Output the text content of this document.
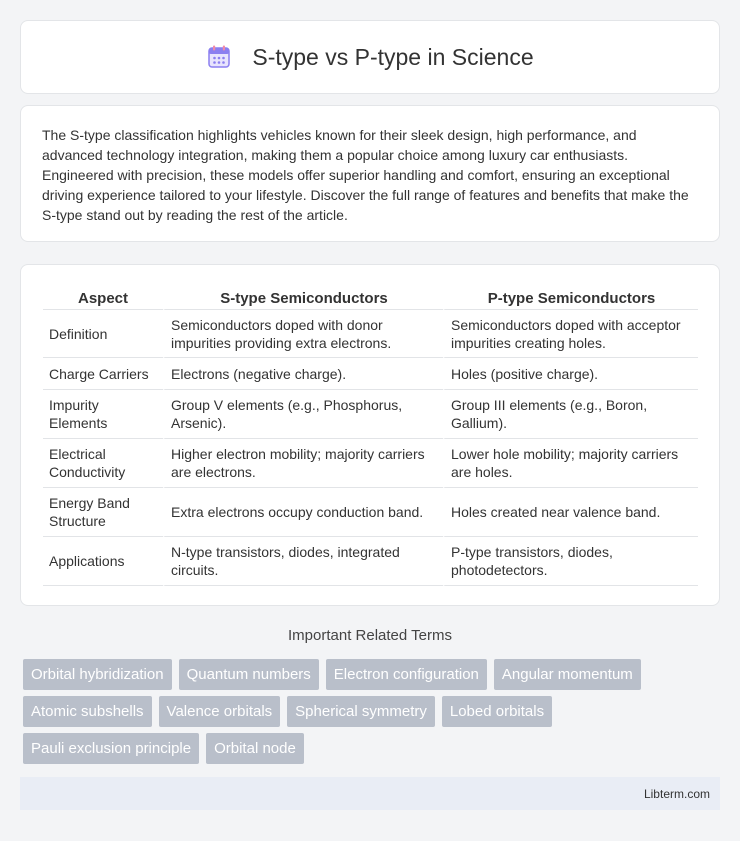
S-type vs P-type in Science

The S-type classification highlights vehicles known for their sleek design, high performance, and advanced technology integration, making them a popular choice among luxury car enthusiasts. Engineered with precision, these models offer superior handling and comfort, ensuring an exceptional driving experience tailored to your lifestyle. Discover the full range of features and benefits that make the S-type stand out by reading the rest of the article.

Aspect	S-type Semiconductors	P-type Semiconductors
Definition	Semiconductors doped with donor impurities providing extra electrons.	Semiconductors doped with acceptor impurities creating holes.
Charge Carriers	Electrons (negative charge).	Holes (positive charge).
Impurity Elements	Group V elements (e.g., Phosphorus, Arsenic).	Group III elements (e.g., Boron, Gallium).
Electrical Conductivity	Higher electron mobility; majority carriers are electrons.	Lower hole mobility; majority carriers are holes.
Energy Band Structure	Extra electrons occupy conduction band.	Holes created near valence band.
Applications	N-type transistors, diodes, integrated circuits.	P-type transistors, diodes, photodetectors.
Important Related Terms
Orbital hybridization	Quantum numbers	Electron configuration	Angular momentum
Atomic subshells	Valence orbitals	Spherical symmetry	Lobed orbitals
Pauli exclusion principle	Orbital node
Libterm.com
